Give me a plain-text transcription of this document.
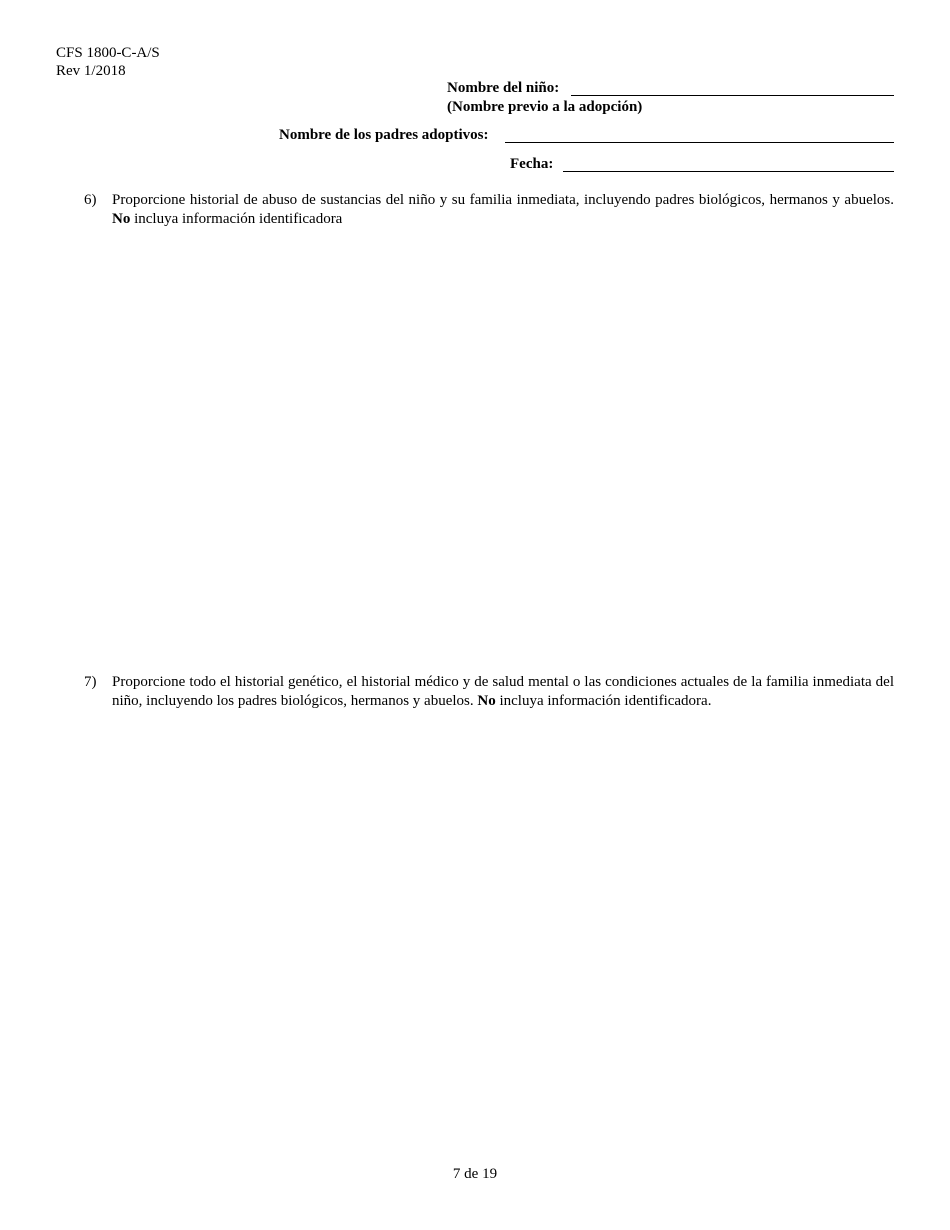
CFS 1800-C-A/S
Rev 1/2018
Nombre del niño:
(Nombre previo a la adopción)
Nombre de los padres adoptivos:
Fecha:
6) Proporcione historial de abuso de sustancias del niño y su familia inmediata, incluyendo padres biológicos, hermanos y abuelos. No incluya información identificadora
7) Proporcione todo el historial genético, el historial médico y de salud mental o las condiciones actuales de la familia inmediata del niño, incluyendo los padres biológicos, hermanos y abuelos. No incluya información identificadora.
7 de 19
